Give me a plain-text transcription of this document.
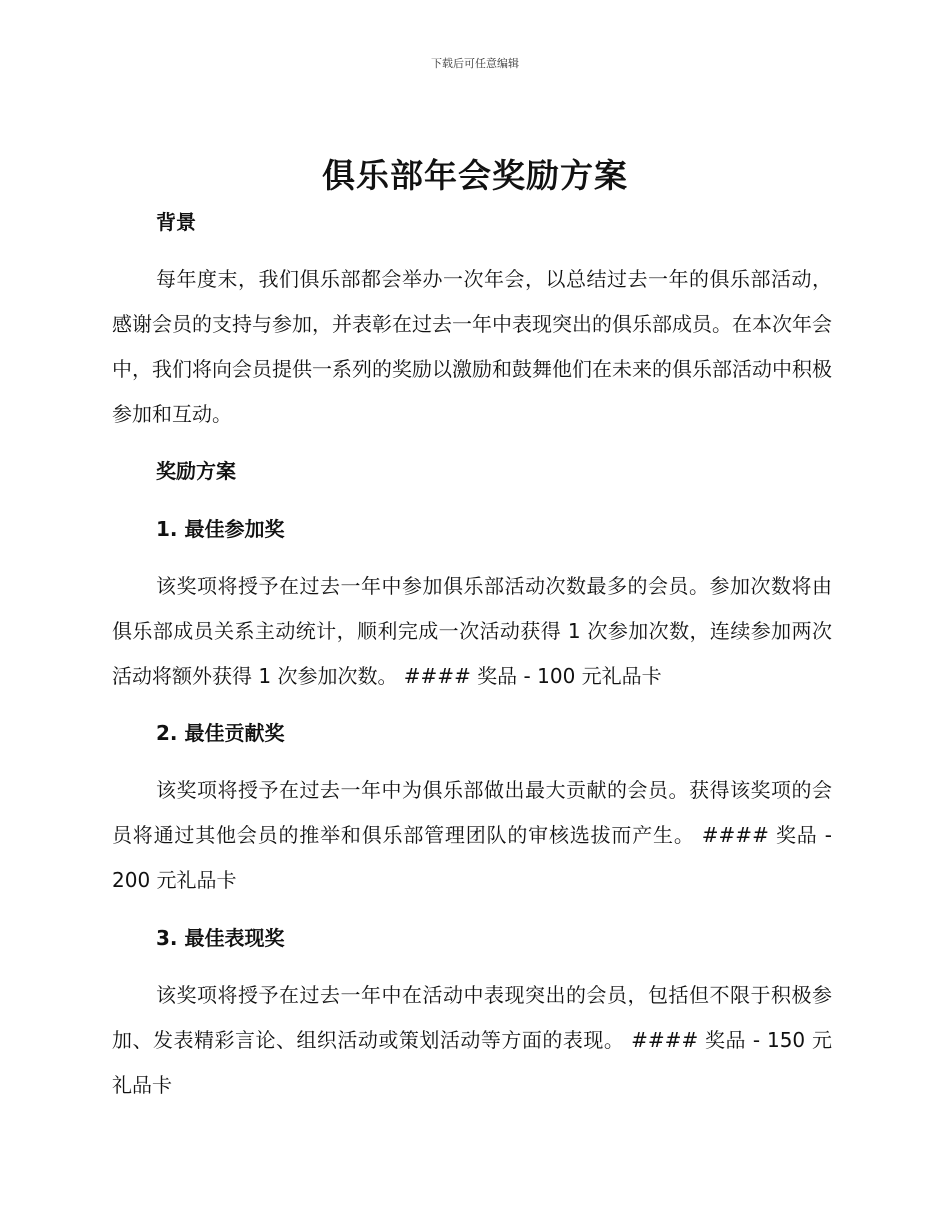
下载后可任意编辑
俱乐部年会奖励方案
背景

每年度末，我们俱乐部都会举办一次年会，以总结过去一年的俱乐部活动，感谢会员的支持与参加，并表彰在过去一年中表现突出的俱乐部成员。在本次年会中，我们将向会员提供一系列的奖励以激励和鼓舞他们在未来的俱乐部活动中积极参加和互动。

奖励方案
1. 最佳参加奖

该奖项将授予在过去一年中参加俱乐部活动次数最多的会员。参加次数将由俱乐部成员关系主动统计，顺利完成一次活动获得 1 次参加次数，连续参加两次活动将额外获得 1 次参加次数。 #### 奖品 - 100 元礼品卡

2. 最佳贡献奖

该奖项将授予在过去一年中为俱乐部做出最大贡献的会员。获得该奖项的会员将通过其他会员的推举和俱乐部管理团队的审核选拔而产生。 #### 奖品 - 200 元礼品卡

3. 最佳表现奖

该奖项将授予在过去一年中在活动中表现突出的会员，包括但不限于积极参加、发表精彩言论、组织活动或策划活动等方面的表现。 #### 奖品 - 150 元礼品卡
